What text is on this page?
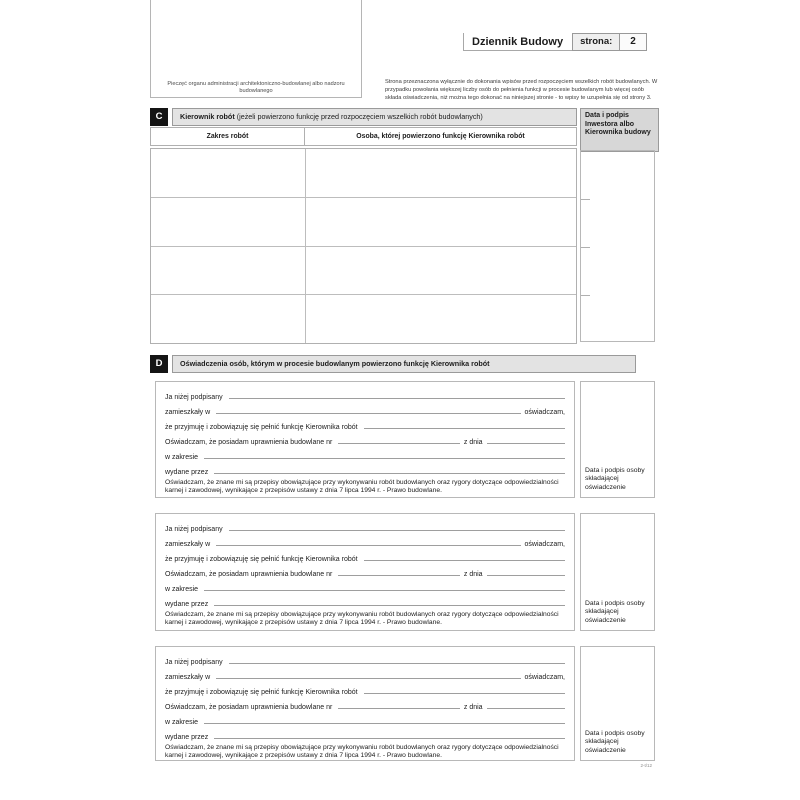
Pieczęć organu administracji architektoniczno-budowlanej albo nadzoru budowlanego
Dziennik Budowy	strona:	2
Strona przeznaczona wyłącznie do dokonania wpisów przed rozpoczęciem wszelkich robót budowlanych. W przypadku powołania większej liczby osób do pełnienia funkcji w procesie budowlanym lub więcej osób składa oświadczenia, niż można tego dokonać na niniejszej stronie - to wpisy te uzupełnia się od strony 3.
C	Kierownik robót (jeżeli powierzono funkcję przed rozpoczęciem wszelkich robót budowlanych)	Data i podpis Inwestora albo Kierownika budowy
Zakres robót	Osoba, której powierzono funkcję Kierownika robót
D	Oświadczenia osób, którym w procesie budowlanym powierzono funkcję Kierownika robót
Ja niżej podpisany
zamieszkały w	oświadczam,
że przyjmuję i zobowiązuję się pełnić funkcję Kierownika robót
Oświadczam, że posiadam uprawnienia budowlane nr	z dnia
w zakresie
wydane przez
Oświadczam, że znane mi są przepisy obowiązujące przy wykonywaniu robót budowlanych oraz rygory dotyczące odpowiedzialności karnej i zawodowej, wynikające z przepisów ustawy z dnia 7 lipca 1994 r. - Prawo budowlane.
Data i podpis osoby składającej oświadczenie
Ja niżej podpisany
zamieszkały w	oświadczam,
że przyjmuję i zobowiązuję się pełnić funkcję Kierownika robót
Oświadczam, że posiadam uprawnienia budowlane nr	z dnia
w zakresie
wydane przez
Oświadczam, że znane mi są przepisy obowiązujące przy wykonywaniu robót budowlanych oraz rygory dotyczące odpowiedzialności karnej i zawodowej, wynikające z przepisów ustawy z dnia 7 lipca 1994 r. - Prawo budowlane.
Data i podpis osoby składającej oświadczenie
Ja niżej podpisany
zamieszkały w	oświadczam,
że przyjmuję i zobowiązuję się pełnić funkcję Kierownika robót
Oświadczam, że posiadam uprawnienia budowlane nr	z dnia
w zakresie
wydane przez
Oświadczam, że znane mi są przepisy obowiązujące przy wykonywaniu robót budowlanych oraz rygory dotyczące odpowiedzialności karnej i zawodowej, wynikające z przepisów ustawy z dnia 7 lipca 1994 r. - Prawo budowlane.
Data i podpis osoby składającej oświadczenie
2-t/12
